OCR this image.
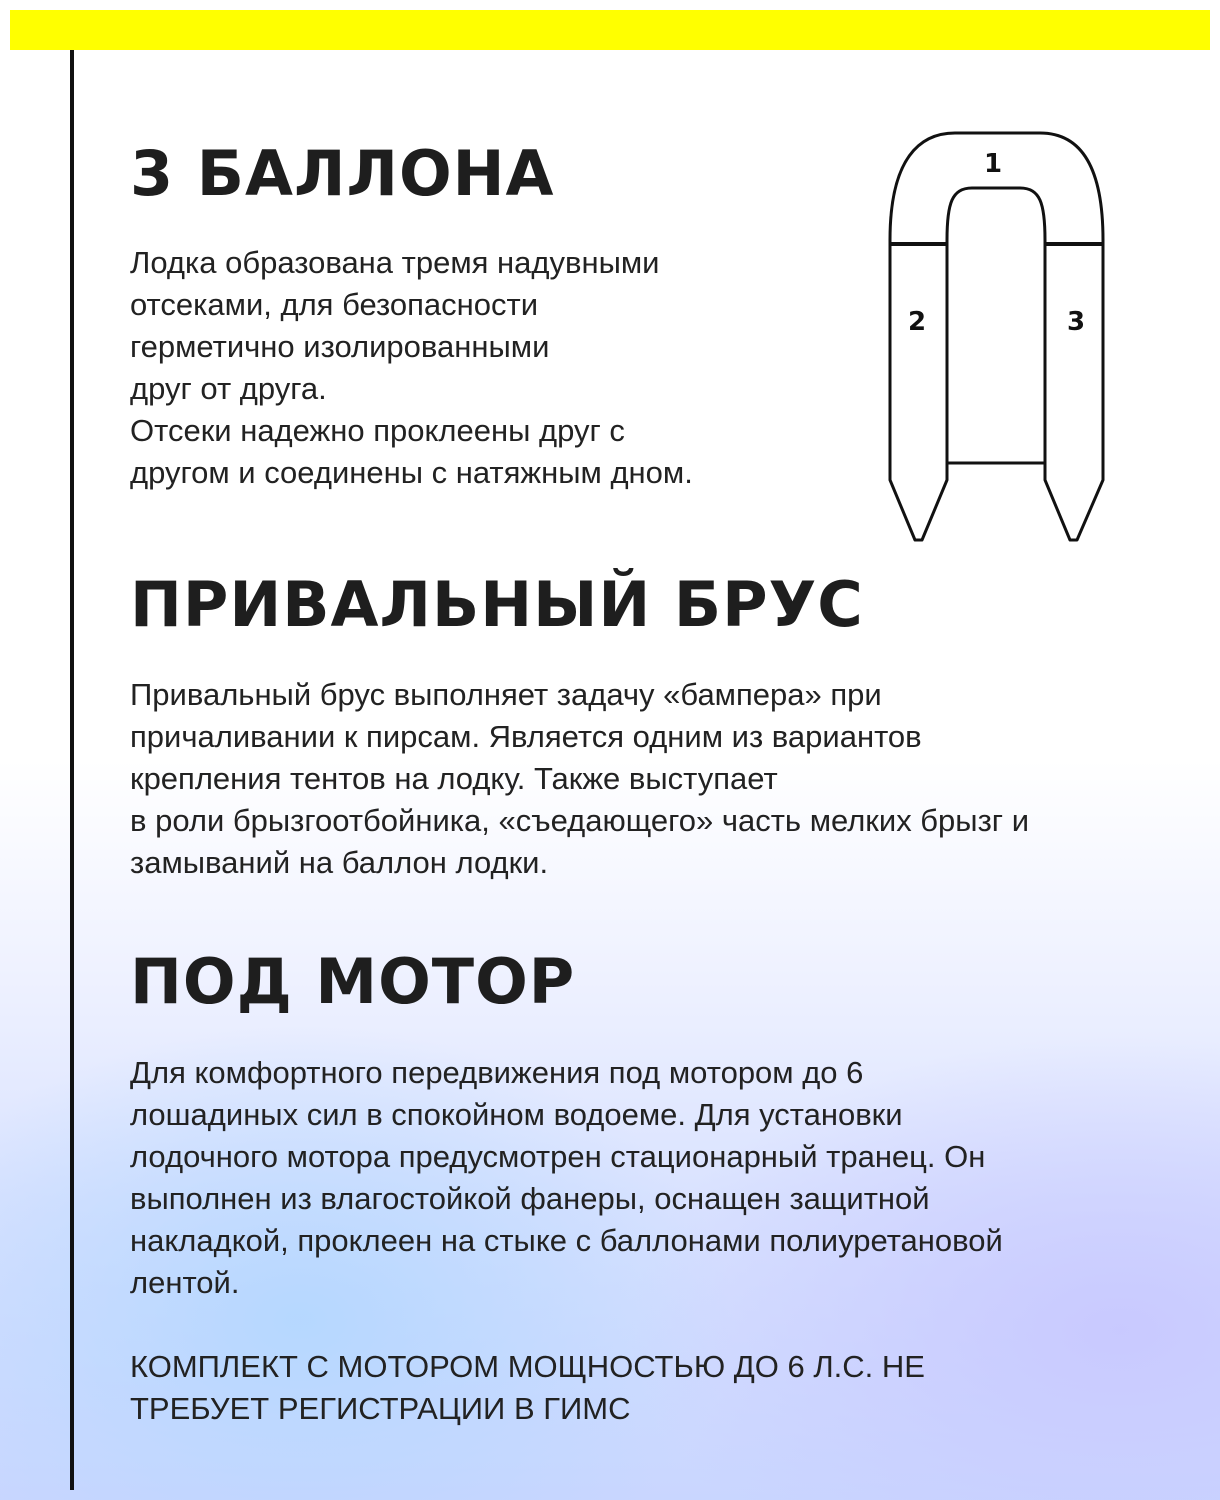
3 БАЛЛОНА

Лодка образована тремя надувными
отсеками, для безопасности
герметично изолированными
друг от друга.
Отсеки надежно проклеены друг с
другом и соединены с натяжным дном.

1
2	3
ПРИВАЛЬНЫЙ БРУС

Привальный брус выполняет задачу «бампера» при
причаливании к пирсам. Является одним из вариантов
крепления тентов на лодку. Также выступает
в роли брызгоотбойника, «съедающего» часть мелких брызг и
замываний на баллон лодки.

ПОД МОТОР

Для комфортного передвижения под мотором до 6
лошадиных сил в спокойном водоеме. Для установки
лодочного мотора предусмотрен стационарный транец. Он
выполнен из влагостойкой фанеры, оснащен защитной
накладкой, проклеен на стыке с баллонами полиуретановой
лентой.

КОМПЛЕКТ С МОТОРОМ МОЩНОСТЬЮ ДО 6 Л.С. НЕ
ТРЕБУЕТ РЕГИСТРАЦИИ В ГИМС
